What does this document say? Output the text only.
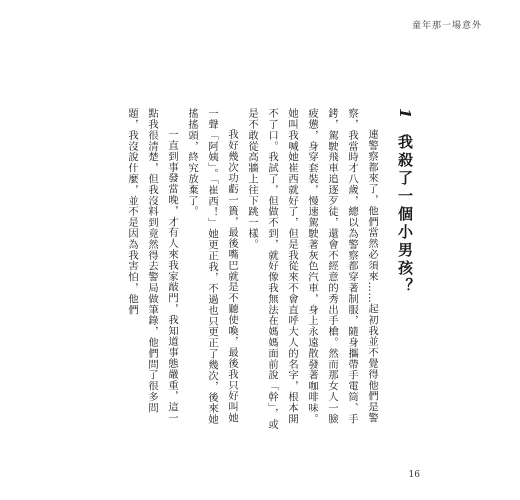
童年那一場意外
1 我殺了一個小男孩？

連警察都來了，他們當然必須來……起初我並不覺得他們是警察，我當時才八歲，總以為警察都穿著制服，隨身攜帶手電筒、手銬，駕駛飛車追逐歹徒，還會不經意的秀出手槍。然而那女人一臉疲憊，身穿套裝，慢速駕駛著灰色汽車，身上永遠散發著咖啡味。她叫我喊她崔西就好了，但是我從來不會直呼大人的名字，根本開不了口。我試了，但做不到，就好像我無法在媽媽面前說「幹」，或是不敢從高牆上往下跳一樣。

我好幾次功虧一簣，最後嘴巴就是不聽使喚，最後我只好叫她一聲「阿姨」。「崔西！」她更正我，不過也只更正了幾次，後來她搖搖頭，終究放棄了。

一直到事發當晚，才有人來我家敲門，我知道事態嚴重，這一點我很清楚，但我沒料到竟然得去警局做筆錄，他們問了很多問題，我沒說什麼，並不是因為我害怕，他們

16
